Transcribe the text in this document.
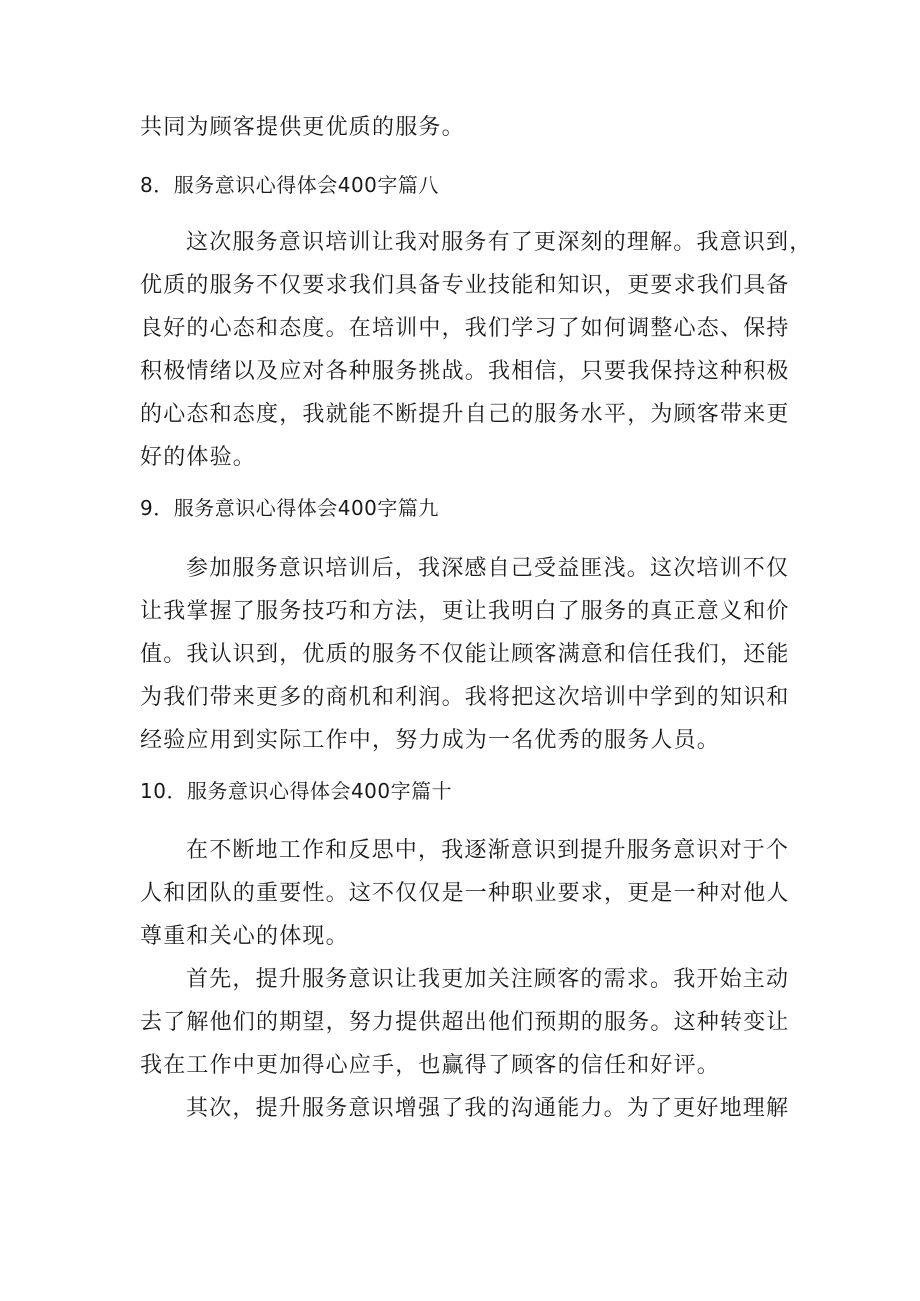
共同为顾客提供更优质的服务。
8．服务意识心得体会400字篇八
这次服务意识培训让我对服务有了更深刻的理解。我意识到，
优质的服务不仅要求我们具备专业技能和知识，更要求我们具备
良好的心态和态度。在培训中，我们学习了如何调整心态、保持
积极情绪以及应对各种服务挑战。我相信，只要我保持这种积极
的心态和态度，我就能不断提升自己的服务水平，为顾客带来更
好的体验。
9．服务意识心得体会400字篇九
参加服务意识培训后，我深感自己受益匪浅。这次培训不仅
让我掌握了服务技巧和方法，更让我明白了服务的真正意义和价
值。我认识到，优质的服务不仅能让顾客满意和信任我们，还能
为我们带来更多的商机和利润。我将把这次培训中学到的知识和
经验应用到实际工作中，努力成为一名优秀的服务人员。
10．服务意识心得体会400字篇十
在不断地工作和反思中，我逐渐意识到提升服务意识对于个
人和团队的重要性。这不仅仅是一种职业要求，更是一种对他人
尊重和关心的体现。
首先，提升服务意识让我更加关注顾客的需求。我开始主动
去了解他们的期望，努力提供超出他们预期的服务。这种转变让
我在工作中更加得心应手，也赢得了顾客的信任和好评。
其次，提升服务意识增强了我的沟通能力。为了更好地理解
